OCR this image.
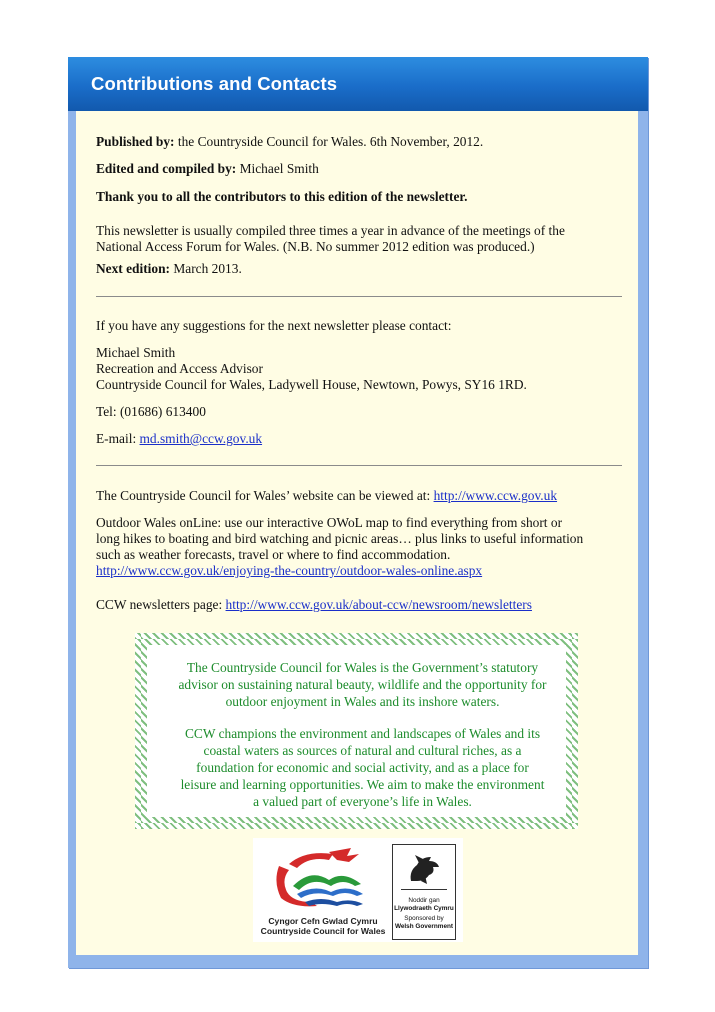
Contributions and Contacts
Published by: the Countryside Council for Wales. 6th November, 2012.
Edited and compiled by: Michael Smith
Thank you to all the contributors to this edition of the newsletter.
This newsletter is usually compiled three times a year in advance of the meetings of the
National Access Forum for Wales. (N.B. No summer 2012 edition was produced.)
Next edition: March 2013.
If you have any suggestions for the next newsletter please contact:
Michael Smith
Recreation and Access Advisor
Countryside Council for Wales, Ladywell House, Newtown, Powys, SY16 1RD.
Tel: (01686) 613400
E-mail: md.smith@ccw.gov.uk
The Countryside Council for Wales’ website can be viewed at: http://www.ccw.gov.uk
Outdoor Wales onLine: use our interactive OWoL map to find everything from short or
long hikes to boating and bird watching and picnic areas… plus links to useful information
such as weather forecasts, travel or where to find accommodation.
http://www.ccw.gov.uk/enjoying-the-country/outdoor-wales-online.aspx
CCW newsletters page: http://www.ccw.gov.uk/about-ccw/newsroom/newsletters
The Countryside Council for Wales is the Government’s statutory
advisor on sustaining natural beauty, wildlife and the opportunity for
outdoor enjoyment in Wales and its inshore waters.
CCW champions the environment and landscapes of Wales and its
coastal waters as sources of natural and cultural riches, as a
foundation for economic and social activity, and as a place for
leisure and learning opportunities. We aim to make the environment
a valued part of everyone’s life in Wales.
Cyngor Cefn Gwlad Cymru
Countryside Council for Wales
Noddir gan
Llywodraeth Cymru
Sponsored by
Welsh Government
